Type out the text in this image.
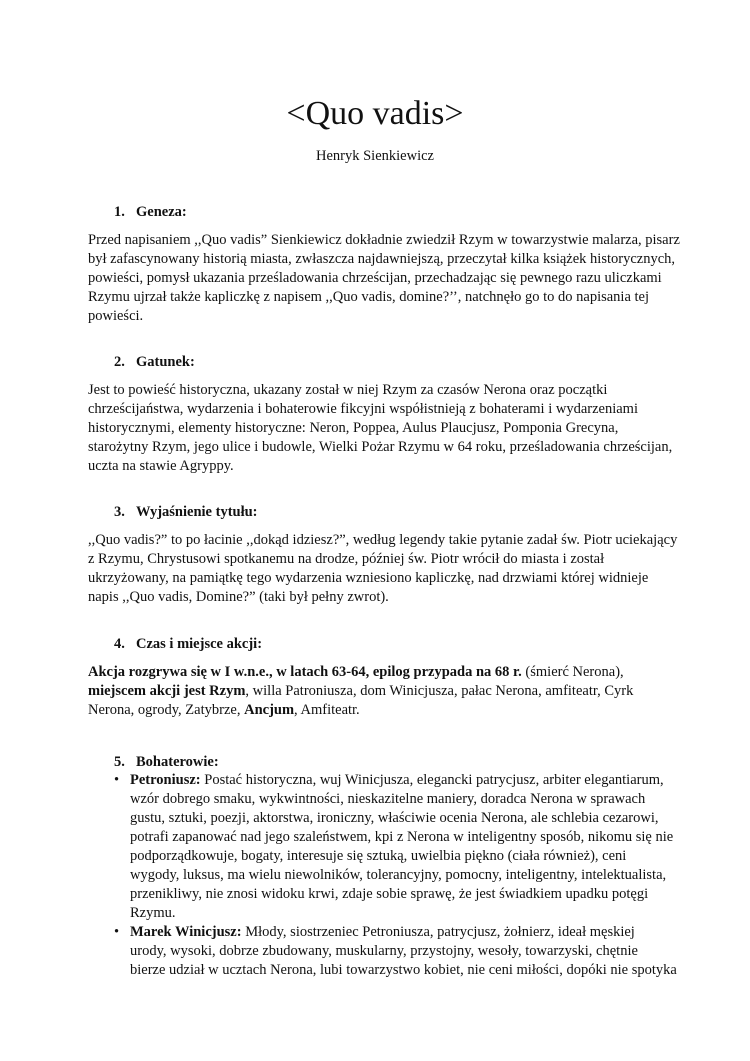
<Quo vadis>
Henryk Sienkiewicz
1. Geneza:
Przed napisaniem ,,Quo vadis” Sienkiewicz dokładnie zwiedził Rzym w towarzystwie malarza, pisarz
był zafascynowany historią miasta, zwłaszcza najdawniejszą, przeczytał kilka książek historycznych,
powieści, pomysł ukazania prześladowania chrześcijan, przechadzając się pewnego razu uliczkami
Rzymu ujrzał także kapliczkę z napisem ,,Quo vadis, domine?’’, natchnęło go to do napisania tej
powieści.
2. Gatunek:
Jest to powieść historyczna, ukazany został w niej Rzym za czasów Nerona oraz początki
chrześcijaństwa, wydarzenia i bohaterowie fikcyjni współistnieją z bohaterami i wydarzeniami
historycznymi, elementy historyczne: Neron, Poppea, Aulus Plaucjusz, Pomponia Grecyna,
starożytny Rzym, jego ulice i budowle, Wielki Pożar Rzymu w 64 roku, prześladowania chrześcijan,
uczta na stawie Agryppy.
3. Wyjaśnienie tytułu:
,,Quo vadis?” to po łacinie ,,dokąd idziesz?”, według legendy takie pytanie zadał św. Piotr uciekający
z Rzymu, Chrystusowi spotkanemu na drodze, później św. Piotr wrócił do miasta i został
ukrzyżowany, na pamiątkę tego wydarzenia wzniesiono kapliczkę, nad drzwiami której widnieje
napis ,,Quo vadis, Domine?” (taki był pełny zwrot).
4. Czas i miejsce akcji:
Akcja rozgrywa się w I w.n.e., w latach 63-64, epilog przypada na 68 r. (śmierć Nerona),
miejscem akcji jest Rzym, willa Patroniusza, dom Winicjusza, pałac Nerona, amfiteatr, Cyrk
Nerona, ogrody, Zatybrze, Ancjum, Amfiteatr.
5. Bohaterowie:
• Petroniusz: Postać historyczna, wuj Winicjusza, elegancki patrycjusz, arbiter elegantiarum,
wzór dobrego smaku, wykwintności, nieskazitelne maniery, doradca Nerona w sprawach
gustu, sztuki, poezji, aktorstwa, ironiczny, właściwie ocenia Nerona, ale schlebia cezarowi,
potrafi zapanować nad jego szaleństwem, kpi z Nerona w inteligentny sposób, nikomu się nie
podporządkowuje, bogaty, interesuje się sztuką, uwielbia piękno (ciała również), ceni
wygody, luksus, ma wielu niewolników, tolerancyjny, pomocny, inteligentny, intelektualista,
przenikliwy, nie znosi widoku krwi, zdaje sobie sprawę, że jest świadkiem upadku potęgi
Rzymu.
• Marek Winicjusz: Młody, siostrzeniec Petroniusza, patrycjusz, żołnierz, ideał męskiej
urody, wysoki, dobrze zbudowany, muskularny, przystojny, wesoły, towarzyski, chętnie
bierze udział w ucztach Nerona, lubi towarzystwo kobiet, nie ceni miłości, dopóki nie spotyka
